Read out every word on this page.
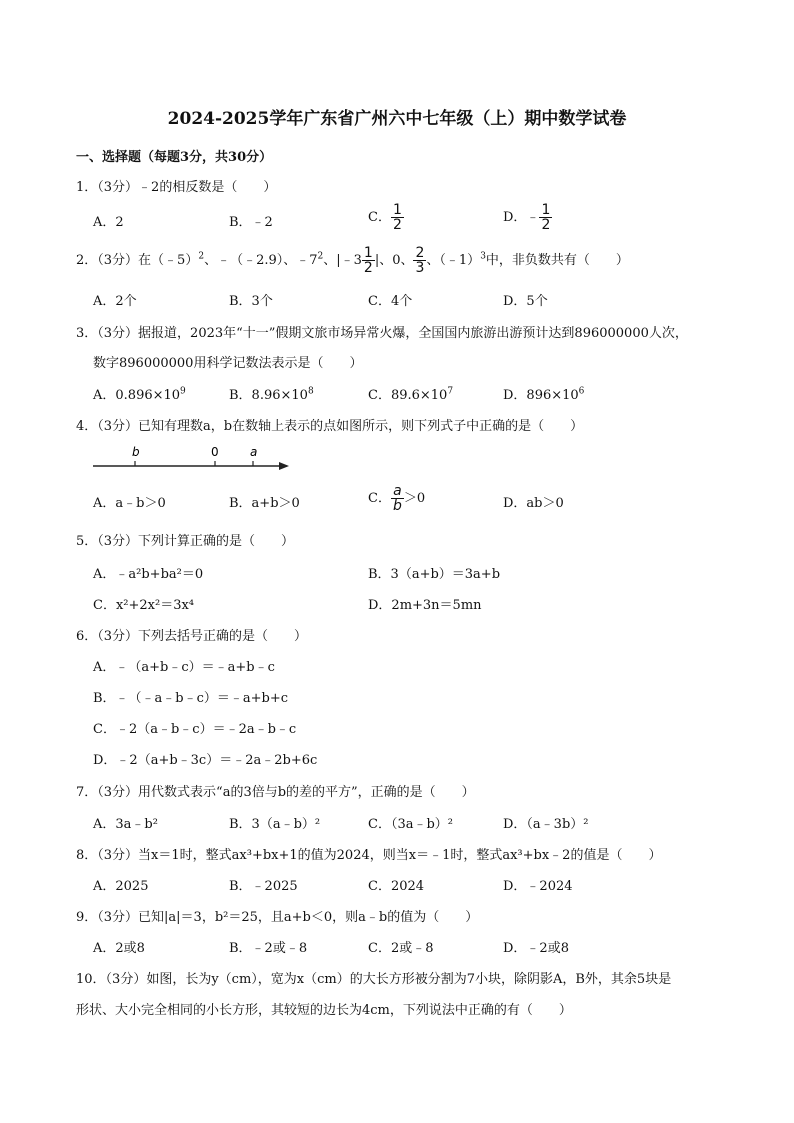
2024-2025学年广东省广州六中七年级（上）期中数学试卷
一、选择题（每题3分，共30分）
1．（3分）﹣2的相反数是（　　）
A．2	B．﹣2	C． $\frac{1}{2}$	D．﹣ $\frac{1}{2}$
2．（3分）在（﹣5）$^2$、﹣（﹣2.9）、$﹣7^2$、|﹣3 $\frac{1}{2}$ |、0、 $\frac{2}{3}$ 、（﹣1）$^3$中，非负数共有（　　）
A．2个	B．3个	C．4个	D．5个
3．（3分）据报道，2023年“十一”假期文旅市场异常火爆，全国国内旅游出游预计达到896000000人次，
数字896000000用科学记数法表示是（　　）
A．$0.896\times 10^9$	B．$8.96\times 10^8$	C．$89.6\times 10^7$	D．$896\times 10^6$
4．（3分）已知有理数a，b在数轴上表示的点如图所示，则下列式子中正确的是（　　）
b	0	a
A．a﹣b＞0	B．a+b＞0	C． $\frac{a}{b} >0$	D．ab＞0
5．（3分）下列计算正确的是（　　）
A．﹣a²b+ba²＝0	B．3（a+b）＝3a+b
C．x²+2x²＝3x⁴	D．2m+3n＝5mn
6．（3分）下列去括号正确的是（　　）
A．﹣（a+b﹣c）＝﹣a+b﹣c
B．﹣（﹣a﹣b﹣c）＝﹣a+b+c
C．﹣2（a﹣b﹣c）＝﹣2a﹣b﹣c
D．﹣2（a+b﹣3c）＝﹣2a﹣2b+6c
7．（3分）用代数式表示“a的3倍与b的差的平方”，正确的是（　　）
A．3a﹣b²	B．3（a﹣b）²	C．（3a﹣b）²	D．（a﹣3b）²
8．（3分）当x＝1时，整式ax³+bx+1的值为2024，则当x＝﹣1时，整式ax³+bx﹣2的值是（　　）
A．2025	B．﹣2025	C．2024	D．﹣2024
9．（3分）已知|a|＝3，b²＝25，且a+b＜0，则a﹣b的值为（　　）
A．2或8	B．﹣2或﹣8	C．2或﹣8	D．﹣2或8
10．（3分）如图，长为y（cm），宽为x（cm）的大长方形被分割为7小块，除阴影A，B外，其余5块是
形状、大小完全相同的小长方形，其较短的边长为4cm，下列说法中正确的有（　　）
